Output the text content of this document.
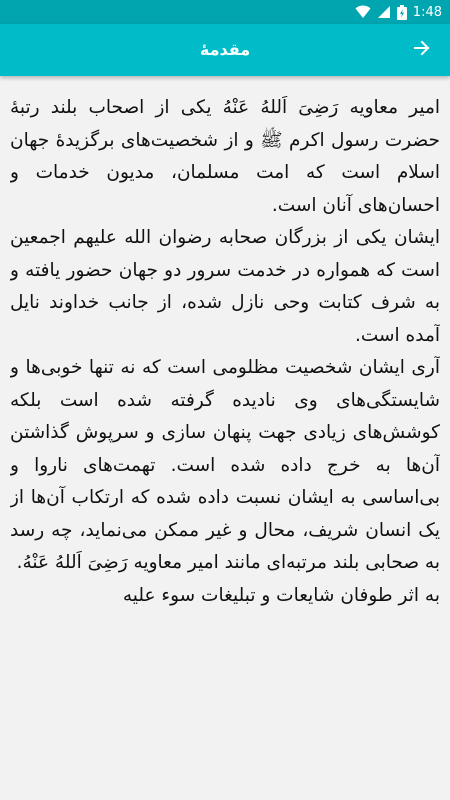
1:48
مقدمهٔ

امیر معاویه رَضِیَ اَللهُ عَنْهُ یکی از اصحاب بلند رتبهٔ حضرت رسول اکرم ﷺ و از شخصیت‌های برگزیدهٔ جهان اسلام است که امت مسلمان، مدیون خدمات و احسان‌های آنان است.

ایشان یکی از بزرگان صحابه رضوان الله علیهم اجمعین است که همواره در خدمت سرور دو جهان حضور یافته و به شرف کتابت وحی نازل شده، از جانب خداوند نایل آمده است.

آری ایشان شخصیت مظلومی است که نه تنها خوبی‌ها و شایستگی‌های وی نادیده گرفته شده است بلکه کوشش‌های زیادی جهت پنهان سازی و سرپوش گذاشتن آن‌ها به خرج داده شده است. تهمت‌های ناروا و بی‌اساسی به ایشان نسبت داده شده که ارتکاب آن‌ها از یک انسان شریف، محال و غیر ممکن می‌نماید، چه رسد به صحابی بلند مرتبه‌ای مانند امیر معاویه رَضِیَ اَللهُ عَنْهُ.

به اثر طوفان شایعات و تبلیغات سوء علیه
